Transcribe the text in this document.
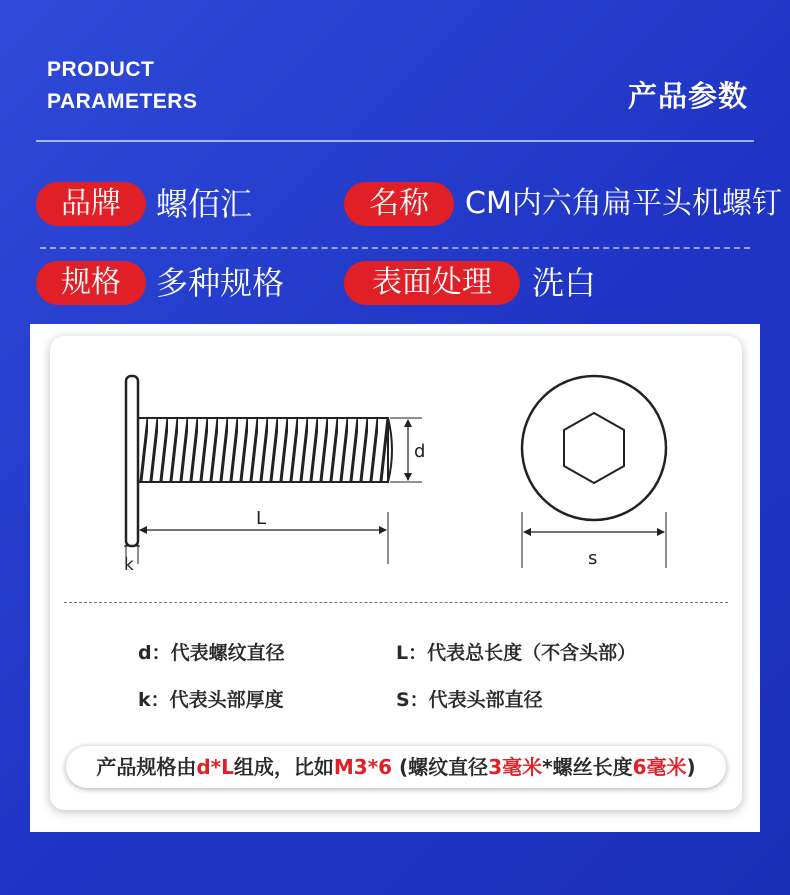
PRODUCT
PARAMETERS	产品参数
品牌	螺佰汇	名称	CM内六角扁平头机螺钉
规格	多种规格	表面处理	洗白
d
L
k	s
d：代表螺纹直径	L：代表总长度（不含头部）
k：代表头部厚度	S：代表头部直径
产品规格由d*L组成，比如M3*6 (螺纹直径3毫米*螺丝长度6毫米)
